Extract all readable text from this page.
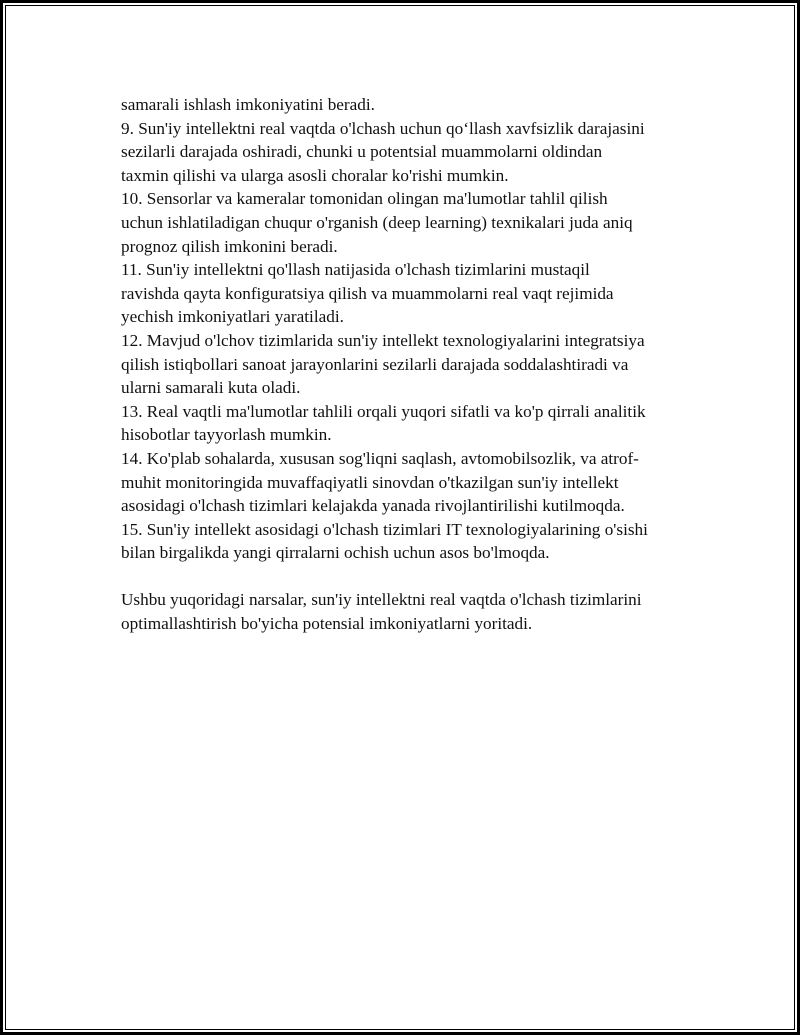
samarali ishlash imkoniyatini beradi.
9. Sun'iy intellektni real vaqtda o'lchash uchun qo‘llash xavfsizlik darajasini
sezilarli darajada oshiradi, chunki u potentsial muammolarni oldindan
taxmin qilishi va ularga asosli choralar ko'rishi mumkin.
10. Sensorlar va kameralar tomonidan olingan ma'lumotlar tahlil qilish
uchun ishlatiladigan chuqur o'rganish (deep learning) texnikalari juda aniq
prognoz qilish imkonini beradi.
11. Sun'iy intellektni qo'llash natijasida o'lchash tizimlarini mustaqil
ravishda qayta konfiguratsiya qilish va muammolarni real vaqt rejimida
yechish imkoniyatlari yaratiladi.
12. Mavjud o'lchov tizimlarida sun'iy intellekt texnologiyalarini integratsiya
qilish istiqbollari sanoat jarayonlarini sezilarli darajada soddalashtiradi va
ularni samarali kuta oladi.
13. Real vaqtli ma'lumotlar tahlili orqali yuqori sifatli va ko'p qirrali analitik
hisobotlar tayyorlash mumkin.
14. Ko'plab sohalarda, xususan sog'liqni saqlash, avtomobilsozlik, va atrof-
muhit monitoringida muvaffaqiyatli sinovdan o'tkazilgan sun'iy intellekt
asosidagi o'lchash tizimlari kelajakda yanada rivojlantirilishi kutilmoqda.
15. Sun'iy intellekt asosidagi o'lchash tizimlari IT texnologiyalarining o'sishi
bilan birgalikda yangi qirralarni ochish uchun asos bo'lmoqda.
Ushbu yuqoridagi narsalar, sun'iy intellektni real vaqtda o'lchash tizimlarini
optimallashtirish bo'yicha potensial imkoniyatlarni yoritadi.
